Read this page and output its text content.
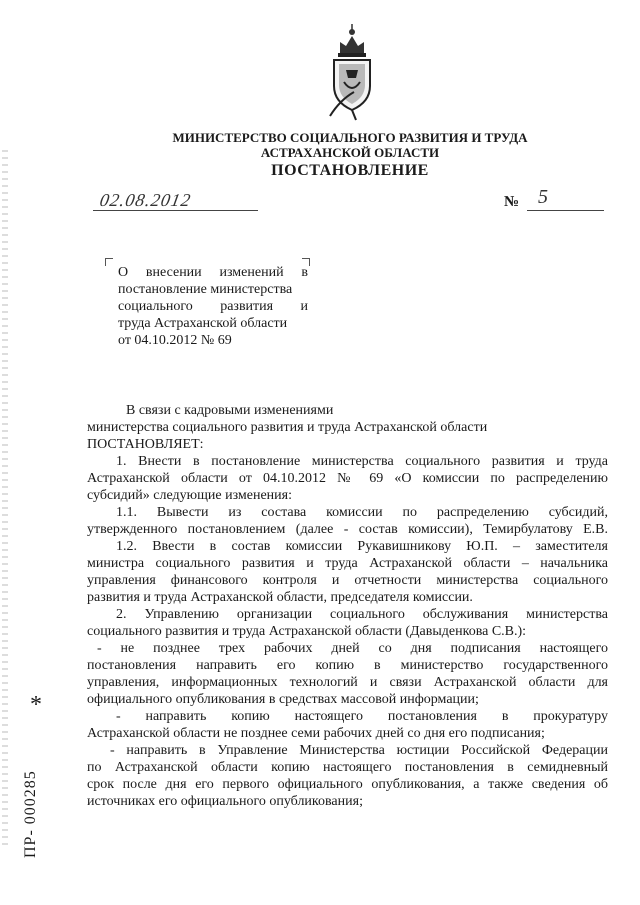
МИНИСТЕРСТВО СОЦИАЛЬНОГО РАЗВИТИЯ И ТРУДА
АСТРАХАНСКОЙ ОБЛАСТИ
ПОСТАНОВЛЕНИЕ
02.08.2012	№ 5
О внесении изменений в
постановление министерства
социального развития и
труда Астраханской области
от 04.10.2012 № 69
В связи с кадровыми изменениями
министерства социального развития и труда Астраханской области
ПОСТАНОВЛЯЕТ:
1. Внести в постановление министерства социального развития и труда
Астраханской области от 04.10.2012 № 69 «О комиссии по распределению
субсидий» следующие изменения:
1.1. Вывести из состава комиссии по распределению субсидий,
утвержденного постановлением (далее - состав комиссии), Темирбулатову Е.В.
1.2. Ввести в состав комиссии Рукавишникову Ю.П. – заместителя
министра социального развития и труда Астраханской области – начальника
управления финансового контроля и отчетности министерства социального
развития и труда Астраханской области, председателя комиссии.
2. Управлению организации социального обслуживания министерства
социального развития и труда Астраханской области (Давыденкова С.В.):
- не позднее трех рабочих дней со дня подписания настоящего
постановления направить его копию в министерство государственного
управления, информационных технологий и связи Астраханской области для
официального опубликования в средствах массовой информации;
- направить копию настоящего постановления в прокуратуру
Астраханской области не позднее семи рабочих дней со дня его подписания;
- направить в Управление Министерства юстиции Российской Федерации
по Астраханской области копию настоящего постановления в семидневный
срок после дня его первого официального опубликования, а также сведения об
источниках его официального опубликования;
*
ПР- 000285
